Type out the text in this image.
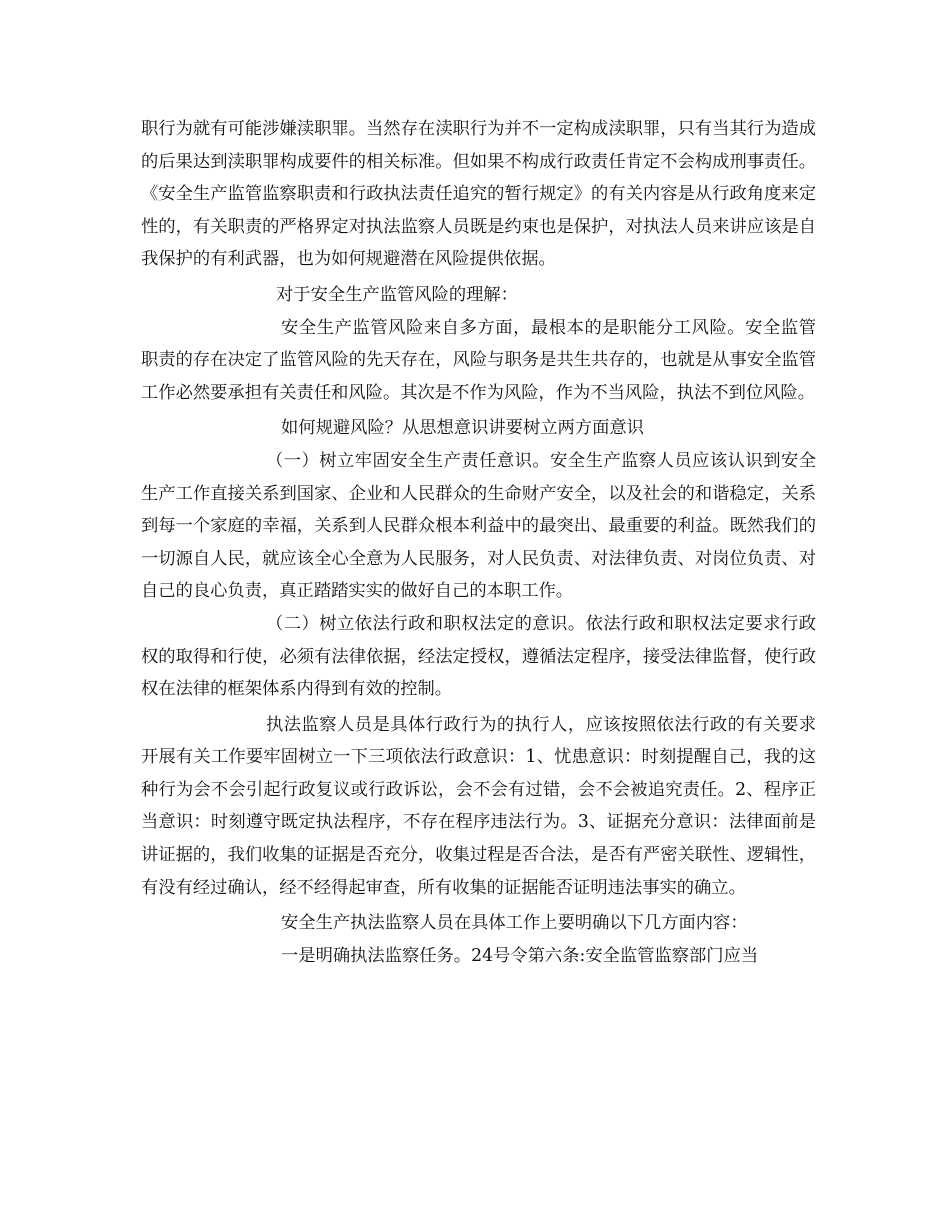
职行为就有可能涉嫌渎职罪。当然存在渎职行为并不一定构成渎职罪，只有当其行为造成的后果达到渎职罪构成要件的相关标准。但如果不构成行政责任肯定不会构成刑事责任。《安全生产监管监察职责和行政执法责任追究的暂行规定》的有关内容是从行政角度来定性的，有关职责的严格界定对执法监察人员既是约束也是保护，对执法人员来讲应该是自我保护的有利武器，也为如何规避潜在风险提供依据。

对于安全生产监管风险的理解：

安全生产监管风险来自多方面，最根本的是职能分工风险。安全监管职责的存在决定了监管风险的先天存在，风险与职务是共生共存的，也就是从事安全监管工作必然要承担有关责任和风险。其次是不作为风险，作为不当风险，执法不到位风险。

如何规避风险？从思想意识讲要树立两方面意识

（一）树立牢固安全生产责任意识。安全生产监察人员应该认识到安全生产工作直接关系到国家、企业和人民群众的生命财产安全，以及社会的和谐稳定，关系到每一个家庭的幸福，关系到人民群众根本利益中的最突出、最重要的利益。既然我们的一切源自人民，就应该全心全意为人民服务，对人民负责、对法律负责、对岗位负责、对自己的良心负责，真正踏踏实实的做好自己的本职工作。

（二）树立依法行政和职权法定的意识。依法行政和职权法定要求行政权的取得和行使，必须有法律依据，经法定授权，遵循法定程序，接受法律监督，使行政权在法律的框架体系内得到有效的控制。

执法监察人员是具体行政行为的执行人，应该按照依法行政的有关要求开展有关工作要牢固树立一下三项依法行政意识：1、忧患意识：时刻提醒自己，我的这种行为会不会引起行政复议或行政诉讼，会不会有过错，会不会被追究责任。2、程序正当意识：时刻遵守既定执法程序，不存在程序违法行为。3、证据充分意识：法律面前是讲证据的，我们收集的证据是否充分，收集过程是否合法，是否有严密关联性、逻辑性，有没有经过确认，经不经得起审查，所有收集的证据能否证明违法事实的确立。

安全生产执法监察人员在具体工作上要明确以下几方面内容：

一是明确执法监察任务。24号令第六条:安全监管监察部门应当
